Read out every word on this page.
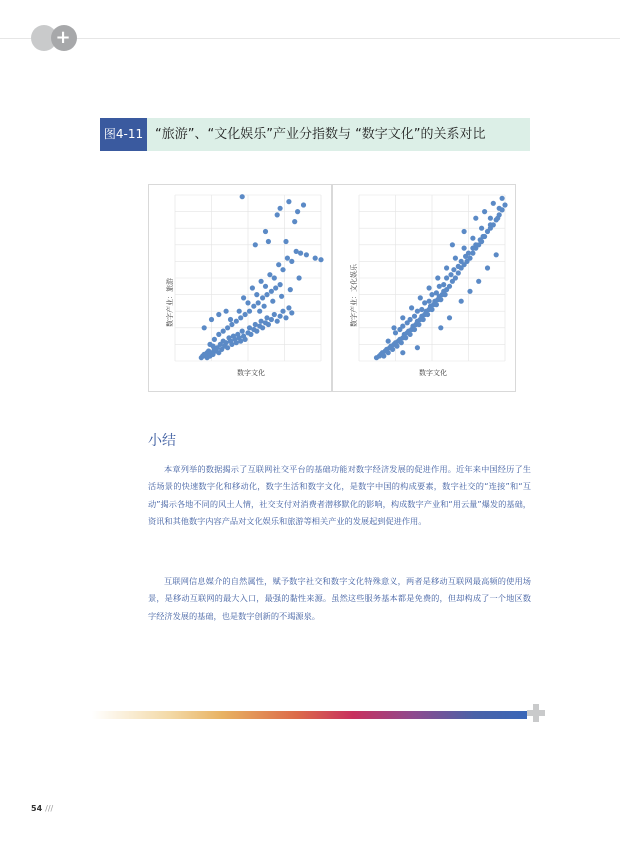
+
图4-11 “旅游”、“文化娱乐”产业分指数与 “数字文化”的关系对比
数字产业：旅游
数字文化
数字产业：文化娱乐
数字文化
小结

本章列举的数据揭示了互联网社交平台的基础功能对数字经济发展的促进作用。近年来中国经历了生活场景的快速数字化和移动化，数字生活和数字文化，是数字中国的构成要素，数字社交的“连接”和“互动”揭示各地不同的风土人情，社交支付对消费者潜移默化的影响，构成数字产业和“用云量”爆发的基础，资讯和其他数字内容产品对文化娱乐和旅游等相关产业的发展起到促进作用。

互联网信息媒介的自然属性，赋予数字社交和数字文化特殊意义，两者是移动互联网最高频的使用场景，是移动互联网的最大入口，最强的黏性来源。虽然这些服务基本都是免费的，但却构成了一个地区数字经济发展的基础，也是数字创新的不竭源泉。

54 ///
